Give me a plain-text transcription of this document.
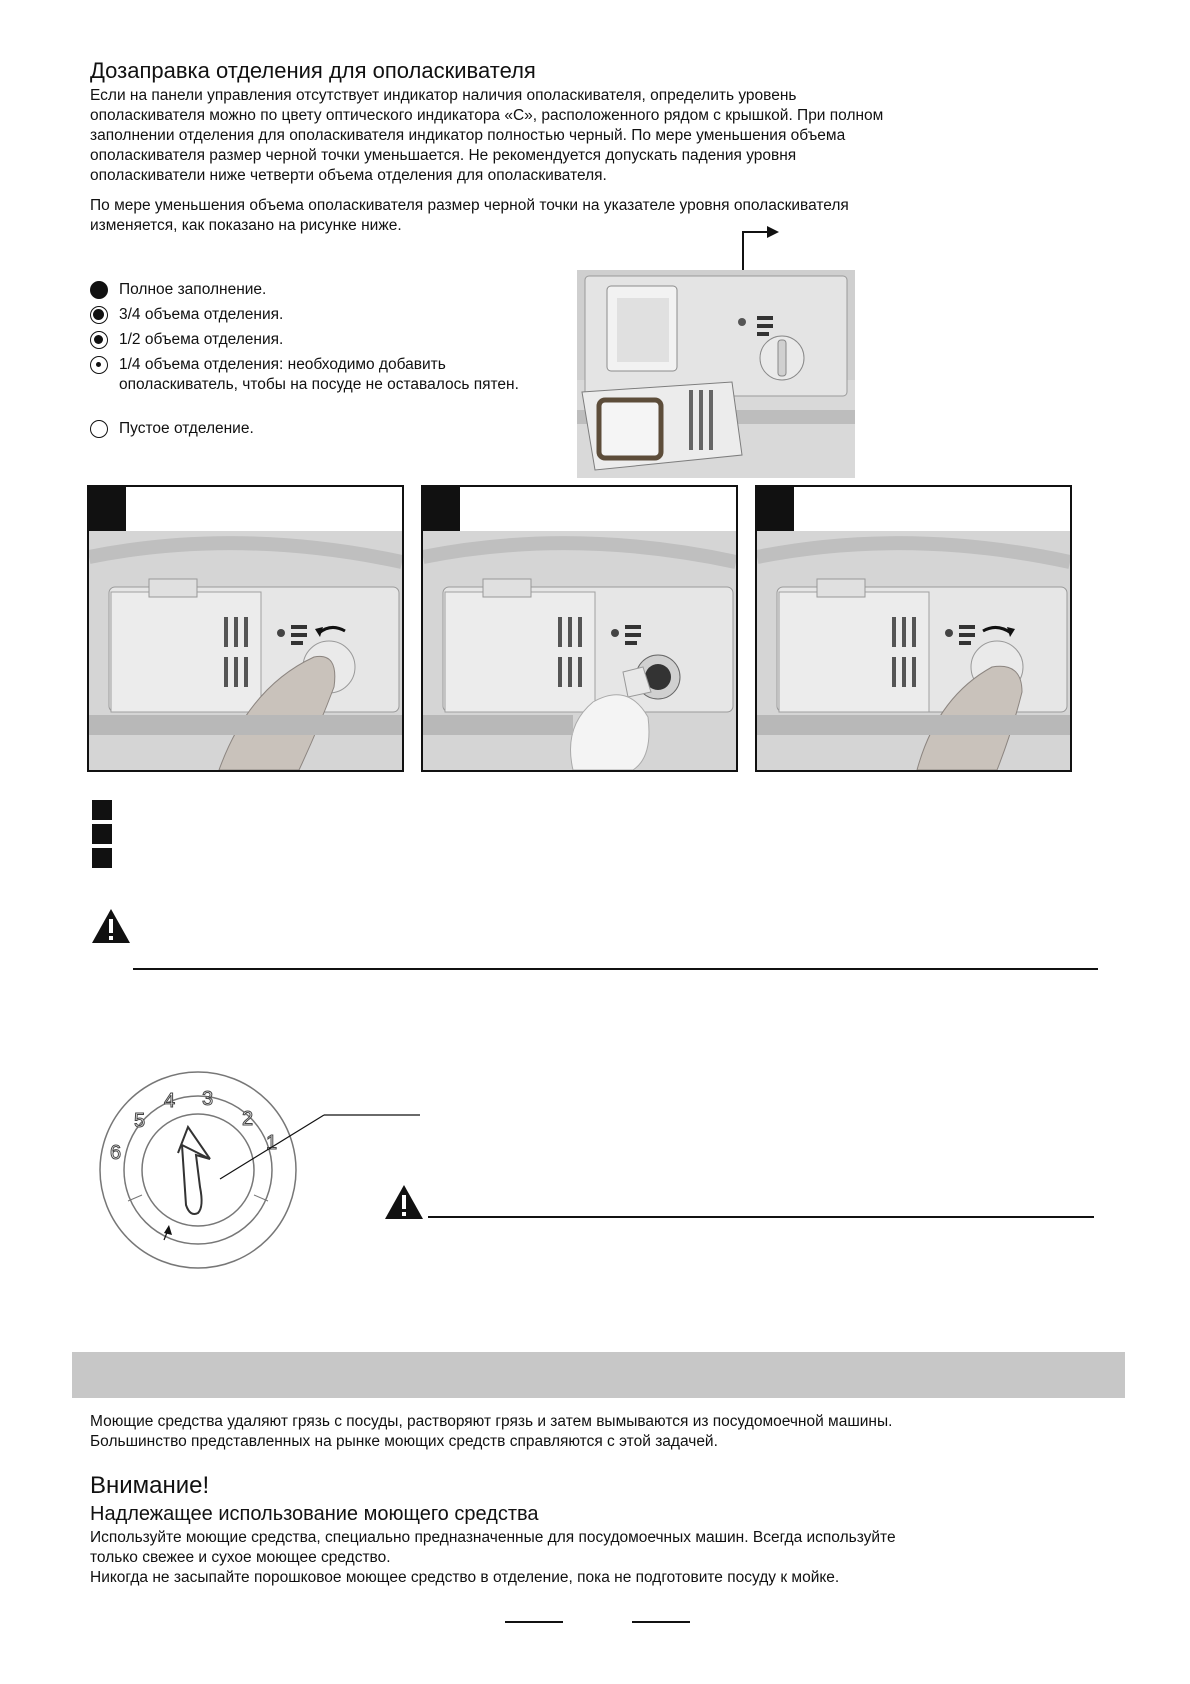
Дозаправка отделения для ополаскивателя
Если на панели управления отсутствует индикатор наличия ополаскивателя, определить уровень
ополаскивателя можно по цвету оптического индикатора «C», расположенного рядом с крышкой. При полном
заполнении отделения для ополаскивателя индикатор полностью черный. По мере уменьшения объема
ополаскивателя размер черной точки уменьшается. Не рекомендуется допускать падения уровня
ополаскиватели ниже четверти объема отделения для ополаскивателя.
По мере уменьшения объема ополаскивателя размер черной точки на указателе уровня ополаскивателя
изменяется, как показано на рисунке ниже.
Полное заполнение.
3/4 объема отделения.
1/2 объема отделения.
1/4 объема отделения: необходимо добавить ополаскиватель, чтобы на посуде не оставалось пятен.
Пустое отделение.
2
1
3
4
5
6
Моющие средства удаляют грязь с посуды, растворяют грязь и затем вымываются из посудомоечной машины.
Большинство представленных на рынке моющих средств справляются с этой задачей.
Внимание!
Надлежащее использование моющего средства
Используйте моющие средства, специально предназначенные для посудомоечных машин. Всегда используйте
только свежее и сухое моющее средство.
Никогда не засыпайте порошковое моющее средство в отделение, пока не подготовите посуду к мойке.
